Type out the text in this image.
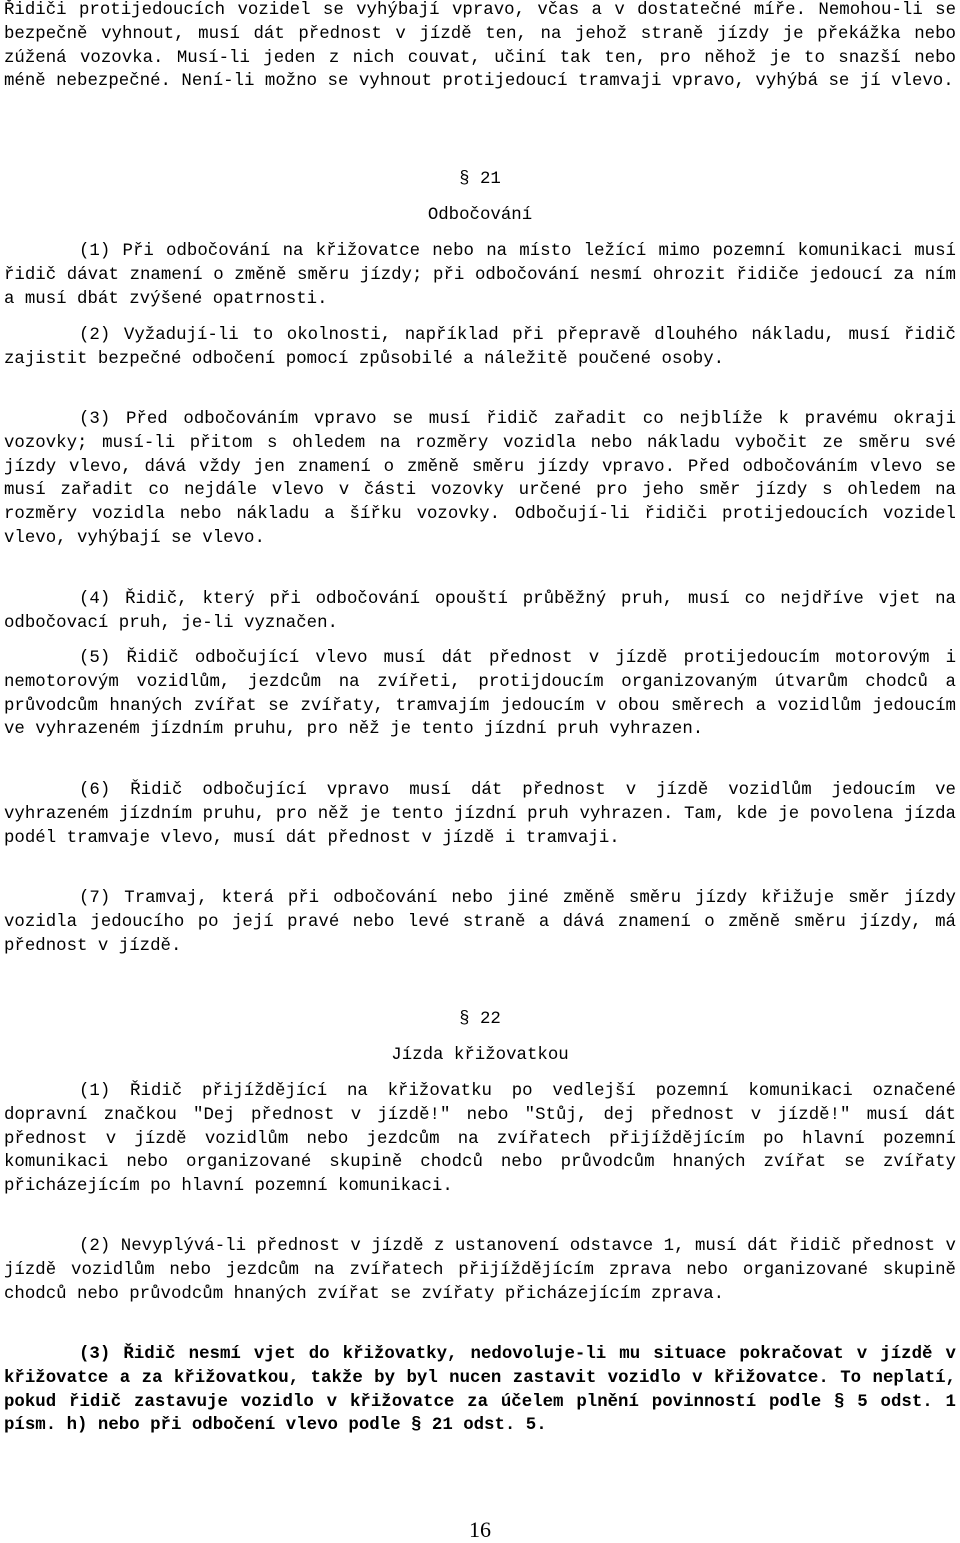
Řidiči protijedoucích vozidel se vyhýbají vpravo, včas a v dostatečné míře. Nemohou-li se bezpečně vyhnout, musí dát přednost v jízdě ten, na jehož straně jízdy je překážka nebo zúžená vozovka. Musí-li jeden z nich couvat, učiní tak ten, pro něhož je to snazší nebo méně nebezpečné. Není-li možno se vyhnout protijedoucí tramvaji vpravo, vyhýbá se jí vlevo.

§ 21

Odbočování

(1) Při odbočování na křižovatce nebo na místo ležící mimo pozemní komunikaci musí řidič dávat znamení o změně směru jízdy; při odbočování nesmí ohrozit řidiče jedoucí za ním a musí dbát zvýšené opatrnosti.

(2) Vyžadují-li to okolnosti, například při přepravě dlouhého nákladu, musí řidič zajistit bezpečné odbočení pomocí způsobilé a náležitě poučené osoby.

(3) Před odbočováním vpravo se musí řidič zařadit co nejblíže k pravému okraji vozovky; musí-li přitom s ohledem na rozměry vozidla nebo nákladu vybočit ze směru své jízdy vlevo, dává vždy jen znamení o změně směru jízdy vpravo. Před odbočováním vlevo se musí zařadit co nejdále vlevo v části vozovky určené pro jeho směr jízdy s ohledem na rozměry vozidla nebo nákladu a šířku vozovky. Odbočují-li řidiči protijedoucích vozidel vlevo, vyhýbají se vlevo.

(4) Řidič, který při odbočování opouští průběžný pruh, musí co nejdříve vjet na odbočovací pruh, je-li vyznačen.

(5) Řidič odbočující vlevo musí dát přednost v jízdě protijedoucím motorovým i nemotorovým vozidlům, jezdcům na zvířeti, protijdoucím organizovaným útvarům chodců a průvodcům hnaných zvířat se zvířaty, tramvajím jedoucím v obou směrech a vozidlům jedoucím ve vyhrazeném jízdním pruhu, pro něž je tento jízdní pruh vyhrazen.

(6) Řidič odbočující vpravo musí dát přednost v jízdě vozidlům jedoucím ve vyhrazeném jízdním pruhu, pro něž je tento jízdní pruh vyhrazen. Tam, kde je povolena jízda podél tramvaje vlevo, musí dát přednost v jízdě i tramvaji.

(7) Tramvaj, která při odbočování nebo jiné změně směru jízdy křižuje směr jízdy vozidla jedoucího po její pravé nebo levé straně a dává znamení o změně směru jízdy, má přednost v jízdě.

§ 22

Jízda křižovatkou

(1) Řidič přijíždějící na křižovatku po vedlejší pozemní komunikaci označené dopravní značkou "Dej přednost v jízdě!" nebo "Stůj, dej přednost v jízdě!" musí dát přednost v jízdě vozidlům nebo jezdcům na zvířatech přijíždějícím po hlavní pozemní komunikaci nebo organizované skupině chodců nebo průvodcům hnaných zvířat se zvířaty přicházejícím po hlavní pozemní komunikaci.

(2) Nevyplývá-li přednost v jízdě z ustanovení odstavce 1, musí dát řidič přednost v jízdě vozidlům nebo jezdcům na zvířatech přijíždějícím zprava nebo organizované skupině chodců nebo průvodcům hnaných zvířat se zvířaty přicházejícím zprava.

(3) Řidič nesmí vjet do křižovatky, nedovoluje-li mu situace pokračovat v jízdě v křižovatce a za křižovatkou, takže by byl nucen zastavit vozidlo v křižovatce. To neplatí, pokud řidič zastavuje vozidlo v křižovatce za účelem plnění povinností podle § 5 odst. 1 písm. h) nebo při odbočení vlevo podle § 21 odst. 5.

16
